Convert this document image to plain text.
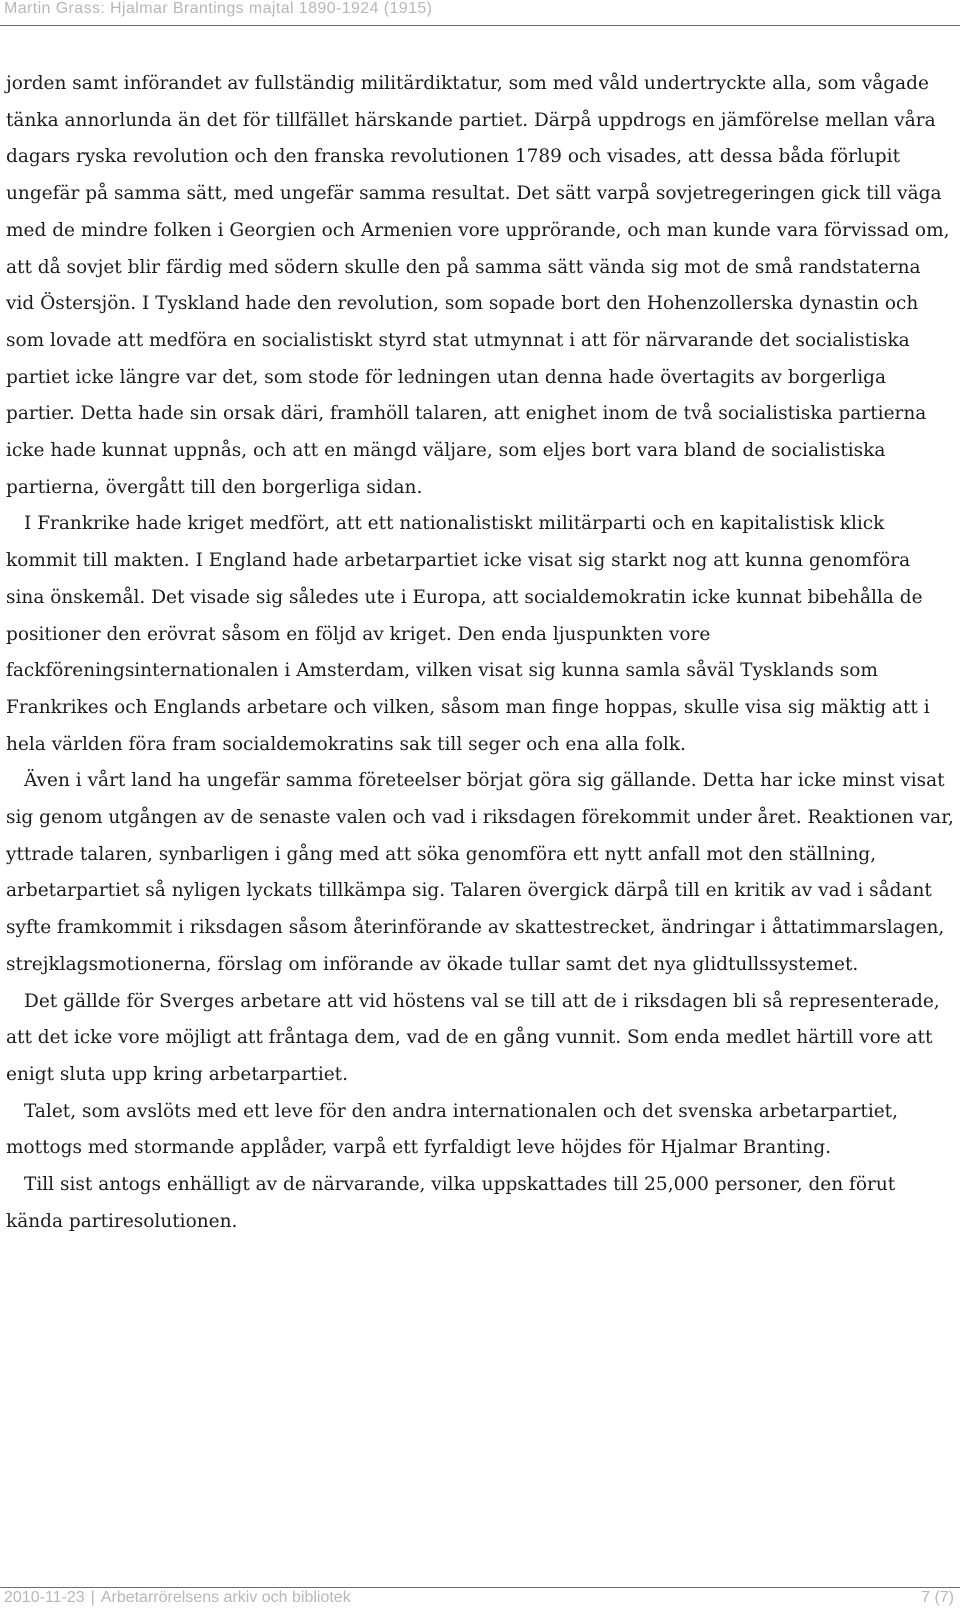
Martin Grass: Hjalmar Brantings majtal 1890-1924 (1915)

jorden samt införandet av fullständig militärdiktatur, som med våld undertryckte alla, som vågade tänka annorlunda än det för tillfället härskande partiet. Därpå uppdrogs en jämförelse mellan våra dagars ryska revolution och den franska revolutionen 1789 och visades, att dessa båda förlupit ungefär på samma sätt, med ungefär samma resultat. Det sätt varpå sovjetregeringen gick till väga med de mindre folken i Georgien och Armenien vore upprörande, och man kunde vara förvissad om, att då sovjet blir färdig med södern skulle den på samma sätt vända sig mot de små randstaterna vid Östersjön. I Tyskland hade den revolution, som sopade bort den Hohenzollerska dynastin och som lovade att medföra en socialistiskt styrd stat utmynnat i att för närvarande det socialistiska partiet icke längre var det, som stode för ledningen utan denna hade övertagits av borgerliga partier. Detta hade sin orsak däri, framhöll talaren, att enighet inom de två socialistiska partierna icke hade kunnat uppnås, och att en mängd väljare, som eljes bort vara bland de socialistiska partierna, övergått till den borgerliga sidan.

I Frankrike hade kriget medfört, att ett nationalistiskt militärparti och en kapitalistisk klick kommit till makten. I England hade arbetarpartiet icke visat sig starkt nog att kunna genomföra sina önskemål. Det visade sig således ute i Europa, att socialdemokratin icke kunnat bibehålla de positioner den erövrat såsom en följd av kriget. Den enda ljuspunkten vore fackföreningsinternationalen i Amsterdam, vilken visat sig kunna samla såväl Tysklands som Frankrikes och Englands arbetare och vilken, såsom man finge hoppas, skulle visa sig mäktig att i hela världen föra fram socialdemokratins sak till seger och ena alla folk.

Även i vårt land ha ungefär samma företeelser börjat göra sig gällande. Detta har icke minst visat sig genom utgången av de senaste valen och vad i riksdagen förekommit under året. Reaktionen var, yttrade talaren, synbarligen i gång med att söka genomföra ett nytt anfall mot den ställning, arbetarpartiet så nyligen lyckats tillkämpa sig. Talaren övergick därpå till en kritik av vad i sådant syfte framkommit i riksdagen såsom återinförande av skattestrecket, ändringar i åttatimmarslagen, strejklagsmotionerna, förslag om införande av ökade tullar samt det nya glidtullssystemet.

Det gällde för Sverges arbetare att vid höstens val se till att de i riksdagen bli så representerade, att det icke vore möjligt att fråntaga dem, vad de en gång vunnit. Som enda medlet härtill vore att enigt sluta upp kring arbetarpartiet.

Talet, som avslöts med ett leve för den andra internationalen och det svenska arbetarpartiet, mottogs med stormande applåder, varpå ett fyrfaldigt leve höjdes för Hjalmar Branting.

Till sist antogs enhälligt av de närvarande, vilka uppskattades till 25,000 personer, den förut kända partiresolutionen.

2010-11-23 | Arbetarrörelsens arkiv och bibliotek	7 (7)
